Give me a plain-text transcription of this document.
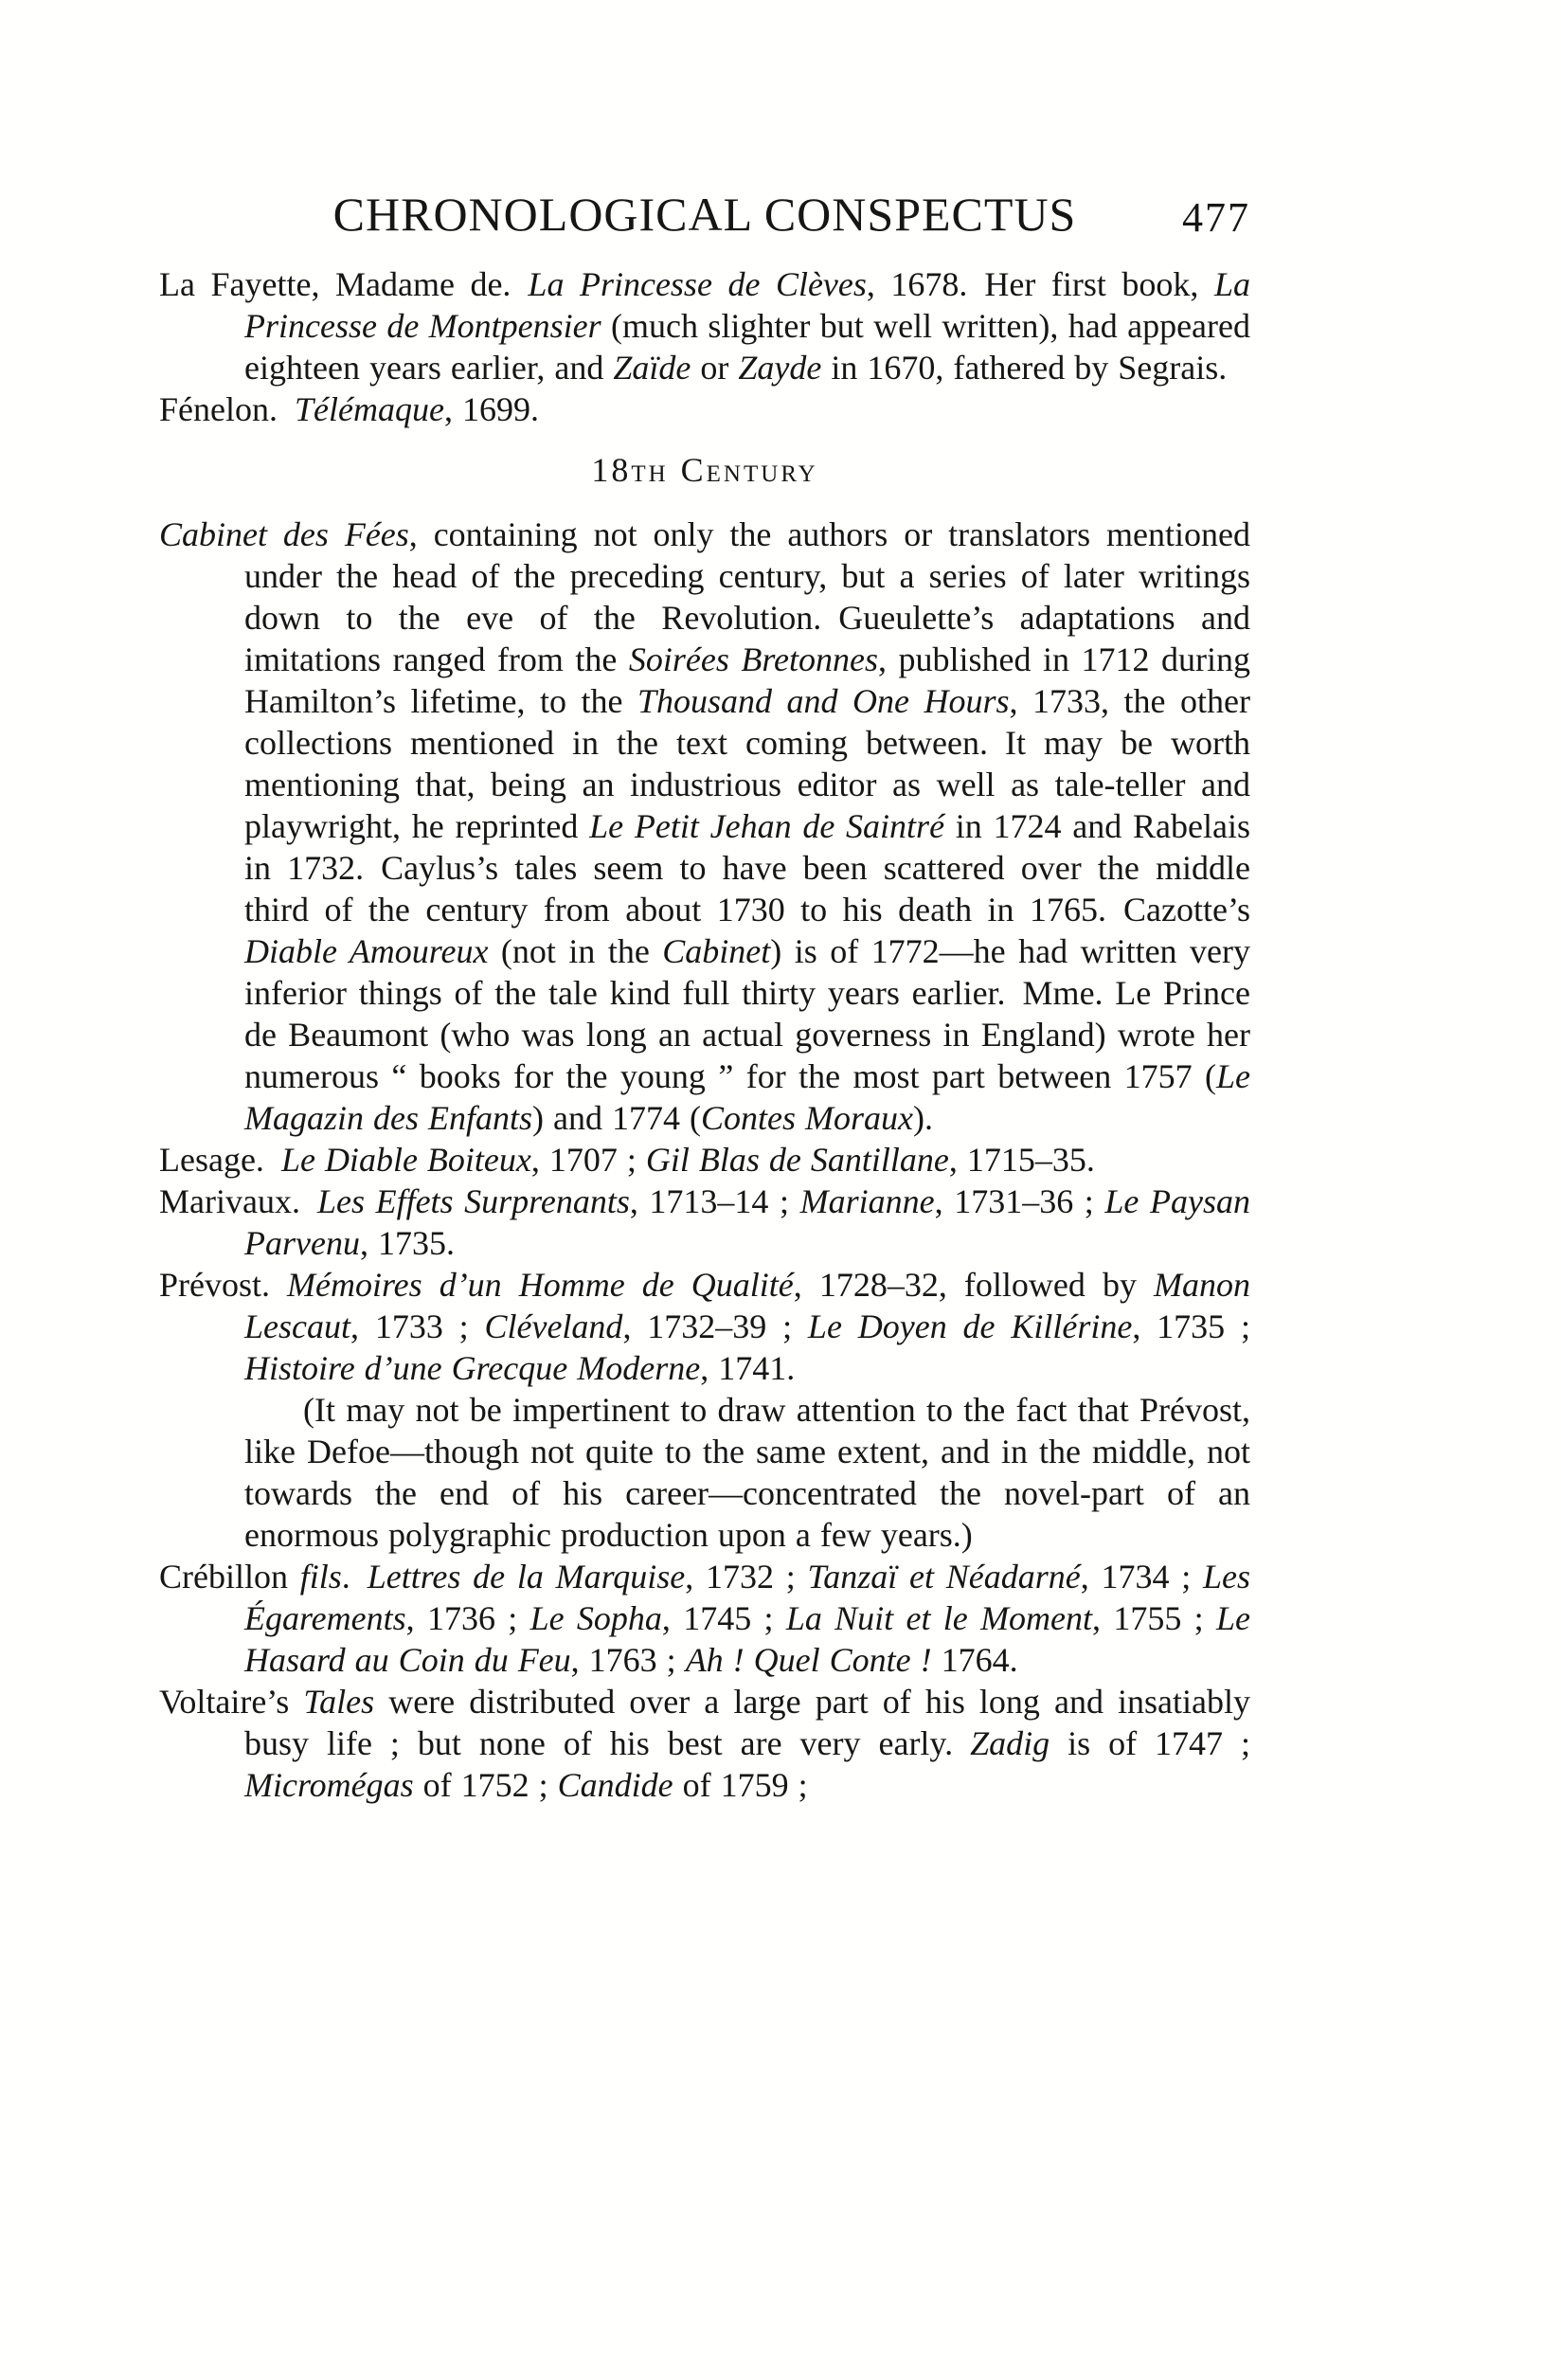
CHRONOLOGICAL CONSPECTUS	477
La Fayette, Madame de. La Princesse de Clèves, 1678. Her first book, La Princesse de Montpensier (much slighter but well written), had appeared eighteen years earlier, and Zaïde or Zayde in 1670, fathered by Segrais.
Fénelon. Télémaque, 1699.
18th Century
Cabinet des Fées, containing not only the authors or translators mentioned under the head of the preceding century, but a series of later writings down to the eve of the Revolution. Gueulette’s adaptations and imitations ranged from the Soirées Bretonnes, published in 1712 during Hamilton’s lifetime, to the Thousand and One Hours, 1733, the other collections mentioned in the text coming between. It may be worth mentioning that, being an industrious editor as well as tale-teller and playwright, he reprinted Le Petit Jehan de Saintré in 1724 and Rabelais in 1732. Caylus’s tales seem to have been scattered over the middle third of the century from about 1730 to his death in 1765. Cazotte’s Diable Amoureux (not in the Cabinet) is of 1772—he had written very inferior things of the tale kind full thirty years earlier. Mme. Le Prince de Beaumont (who was long an actual governess in England) wrote her numerous “ books for the young ” for the most part between 1757 (Le Magazin des Enfants) and 1774 (Contes Moraux).
Lesage. Le Diable Boiteux, 1707 ; Gil Blas de Santillane, 1715–35.
Marivaux. Les Effets Surprenants, 1713–14 ; Marianne, 1731–36 ; Le Paysan Parvenu, 1735.
Prévost. Mémoires d’un Homme de Qualité, 1728–32, followed by Manon Lescaut, 1733 ; Cléveland, 1732–39 ; Le Doyen de Killérine, 1735 ; Histoire d’une Grecque Moderne, 1741.
(It may not be impertinent to draw attention to the fact that Prévost, like Defoe—though not quite to the same extent, and in the middle, not towards the end of his career—concentrated the novel-part of an enormous polygraphic production upon a few years.)
Crébillon fils. Lettres de la Marquise, 1732 ; Tanzaï et Néadarné, 1734 ; Les Égarements, 1736 ; Le Sopha, 1745 ; La Nuit et le Moment, 1755 ; Le Hasard au Coin du Feu, 1763 ; Ah ! Quel Conte ! 1764.
Voltaire’s Tales were distributed over a large part of his long and insatiably busy life ; but none of his best are very early. Zadig is of 1747 ; Micromégas of 1752 ; Candide of 1759 ;
